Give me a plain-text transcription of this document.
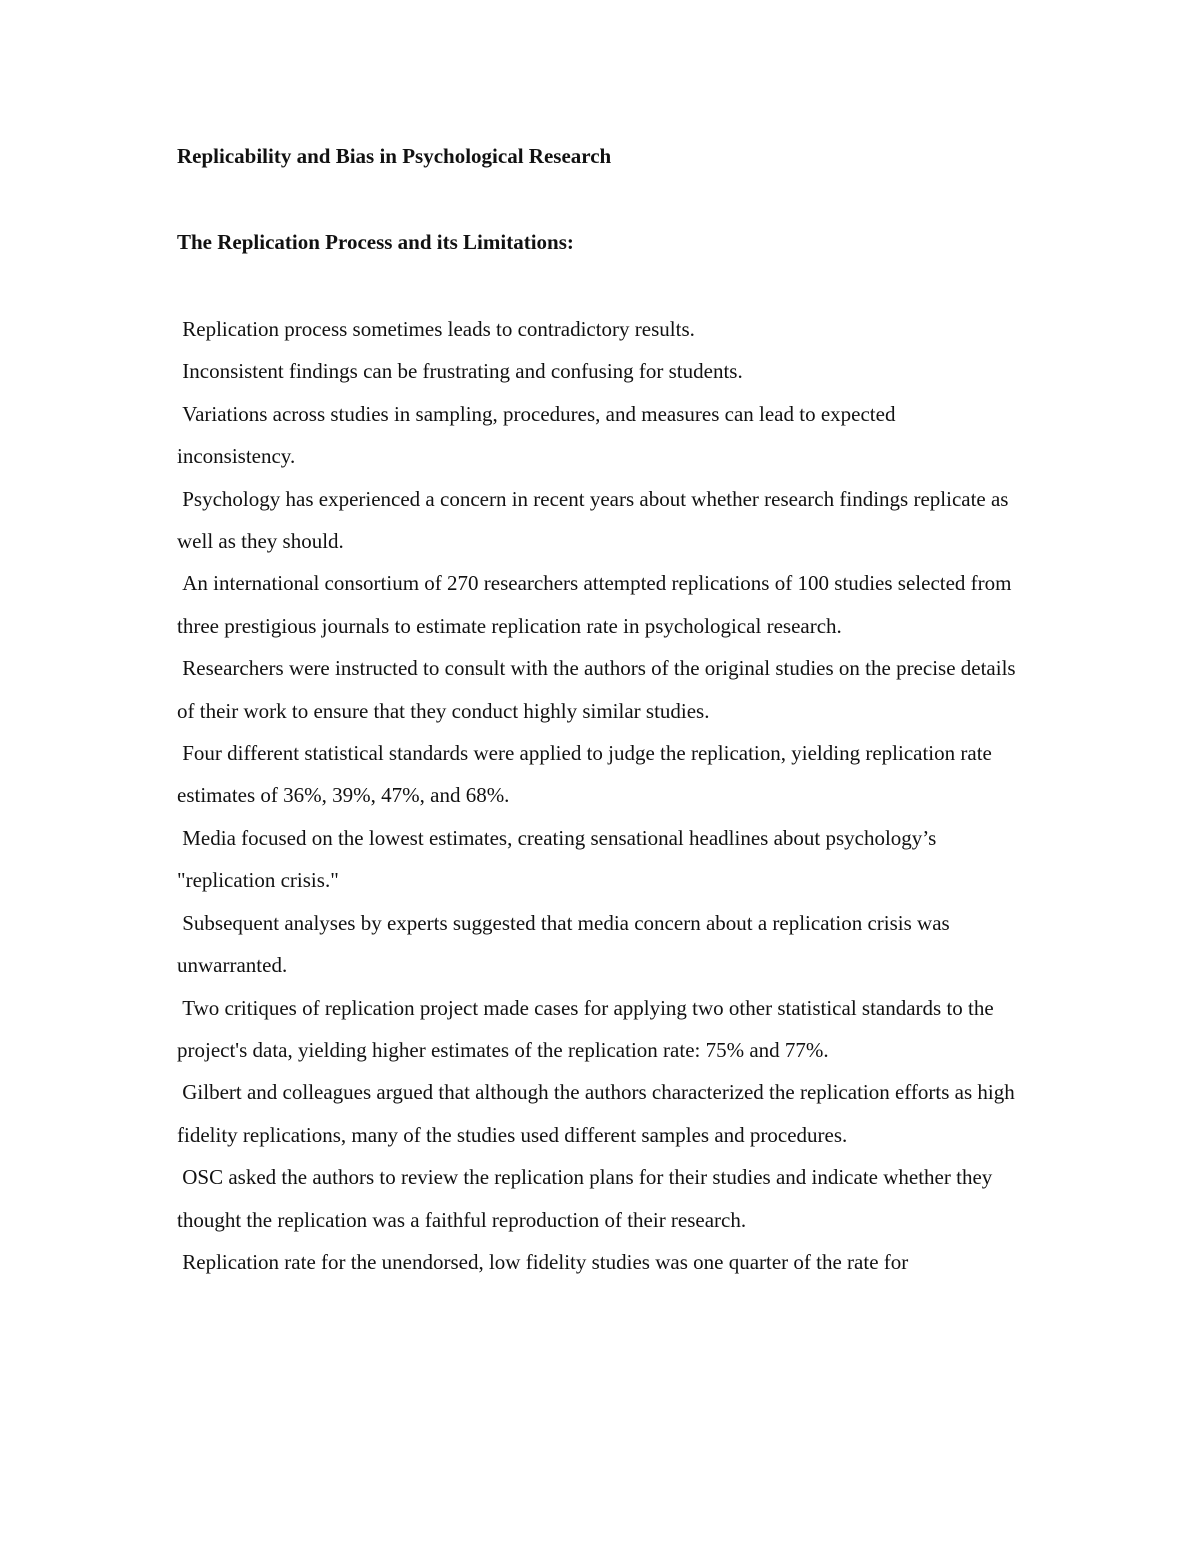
Replicability and Bias in Psychological Research
The Replication Process and its Limitations:

Replication process sometimes leads to contradictory results.

Inconsistent findings can be frustrating and confusing for students.

Variations across studies in sampling, procedures, and measures can lead to expected inconsistency.

Psychology has experienced a concern in recent years about whether research findings replicate as well as they should.

An international consortium of 270 researchers attempted replications of 100 studies selected from three prestigious journals to estimate replication rate in psychological research.

Researchers were instructed to consult with the authors of the original studies on the precise details of their work to ensure that they conduct highly similar studies.

Four different statistical standards were applied to judge the replication, yielding replication rate estimates of 36%, 39%, 47%, and 68%.

Media focused on the lowest estimates, creating sensational headlines about psychology’s "replication crisis."

Subsequent analyses by experts suggested that media concern about a replication crisis was unwarranted.

Two critiques of replication project made cases for applying two other statistical standards to the project's data, yielding higher estimates of the replication rate: 75% and 77%.

Gilbert and colleagues argued that although the authors characterized the replication efforts as high fidelity replications, many of the studies used different samples and procedures.

OSC asked the authors to review the replication plans for their studies and indicate whether they thought the replication was a faithful reproduction of their research.

Replication rate for the unendorsed, low fidelity studies was one quarter of the rate for
